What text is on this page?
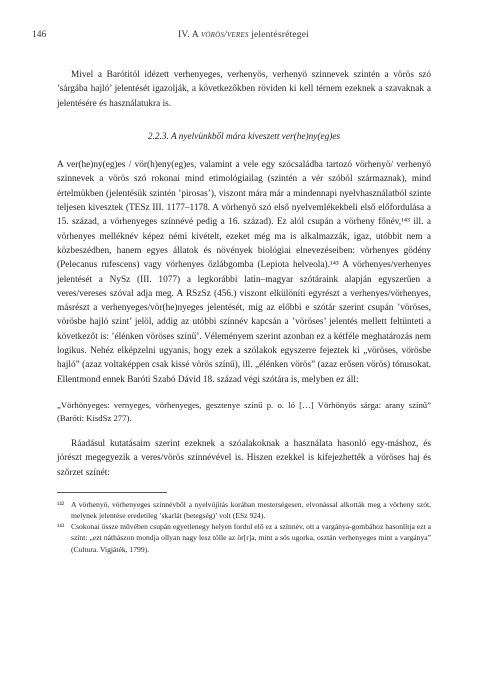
146	IV. A vörös/veres jelentésrétegei

Mivel a Barótitól idézett verhenyeges, verhenyös, verhenyö szinnevek szintén a vörös szó ’sárgába hajló’ jelentését igazolják, a következőkben röviden ki kell térnem ezeknek a szavaknak a jelentésére és használatukra is.

2.2.3. A nyelvünkből mára kiveszett ver(he)ny(eg)es

A ver(he)ny(eg)es / vör(h)eny(eg)es, valamint a vele egy szócsaládba tartozó vörhenyö/ verhenyö szinnevek a vörös szó rokonai mind etimológiailag (szintén a vér szóból származnak), mind értelmükben (jelentésük szintén ’pirosas’), viszont mára már a mindennapi nyelvhasználatból szinte teljesen kivesztek (TESz III. 1177–1178. A vörhenyö szó első nyelvemlékekbeli első előfordulása a 15. század, a vörhenyeges színnévé pedig a 16. század). Ez alól csupán a vörheny főnév,¹⁴³ ill. a vörhenyes melléknév képez némi kivételt, ezeket még ma is alkalmazzák, igaz, utóbbit nem a közbeszédben, hanem egyes állatok és növények biológiai elnevezéseiben: vörhenyes gödény (Pelecanus rufescens) vagy vörhenyes őzlábgomba (Lepiota helveola).¹⁴³ A vörhenyes/verhenyes jelentését a NySz (III. 1077) a legkorábbi latin–magyar szótáraink alapján egyszerűen a veres/vereses szóval adja meg. A RSzSz (456.) viszont elkülöníti egyrészt a verhenyes/vörhenyes, másrészt a verhenyeges/vör(he)nyeges jelentését, míg az előbbi e szótár szerint csupán ’vöröses, vörösbe hajló szint’ jelöl, addig az utóbbi színnév kapcsán a ’vöröses’ jelentés mellett feltünteti a következőt is: ’élénken vöröses színű’. Véleményem szerint azonban ez a kétféle meghatározás nem logikus. Nehéz elképzelni ugyanis, hogy ezek a szólakok egyszerre fejeztek ki „vöröses, vörösbe hajló” (azaz voltaképpen csak kissé vörös színű), ill. „élénken vörös” (azaz erősen vörös) tónusokat. Ellentmond ennek Baróti Szabó Dávid 18. század végi szótára is, melyben ez áll:

„Vörhönyeges: vernyeges, vörhenyeges, gesztenye színű p. o. ló […] Vörhönyös sárga: arany színű” (Baróti: KisdSz 277).

Ráadásul kutatásaim szerint ezeknek a szóalakoknak a használata hasonló egy-máshoz, és jórészt megegyezik a veres/vörös színnévével is. Hiszen ezekkel is kifejezhették a vöröses haj és szőrzet színét:

¹⁴² A vörhenyö, vörhenyeges szinnévből a nyelvújítás korában mesterségesen, elvonással alkották meg a vörheny szót, melynek jelentése eredetileg ’skarlát (betegség)’ volt (ESz 924).
¹⁴³ Csokonai össze művében csupán egyetlenegy helyen fordul elő ez a színnév, ott a vargánya-gombához hasonlítja ezt a színt: „ezt náthászon mondja ollyan nagy lesz tölle az ör[r]a, mint a sós ugorka, osztán verhenyeges mint a vargánya” (Cultura. Vigjáték, 1799).
